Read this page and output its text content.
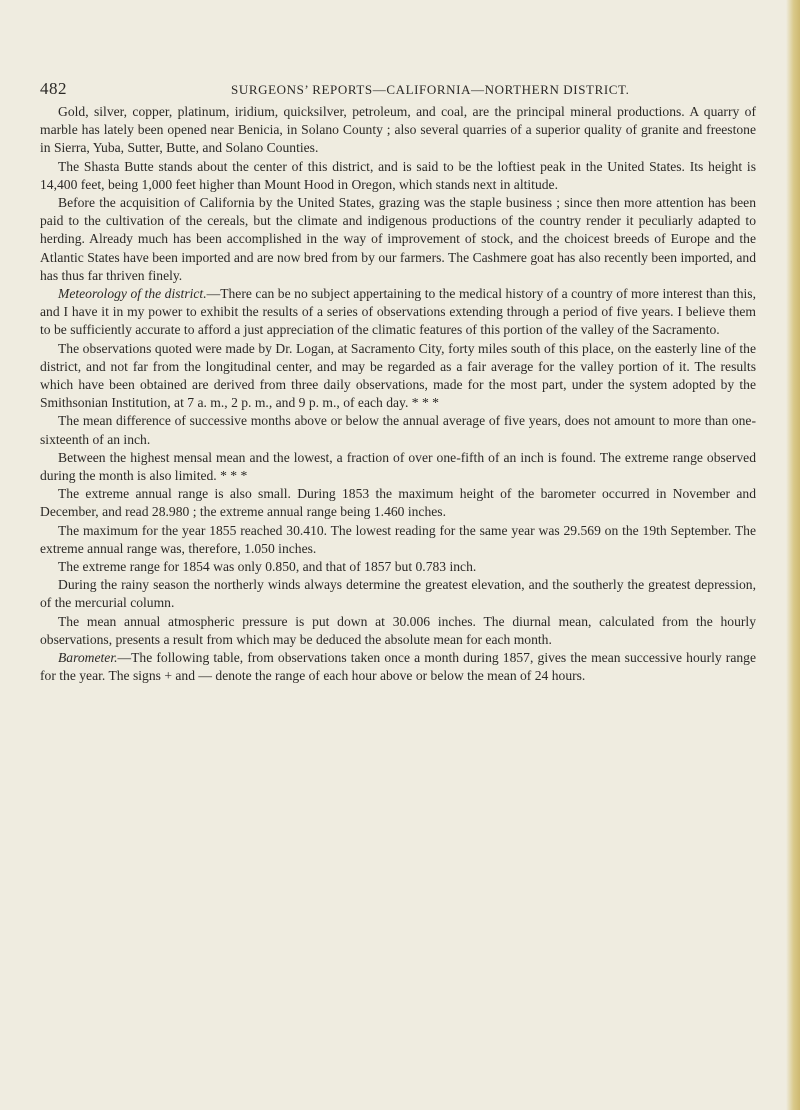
482	SURGEONS’ REPORTS—CALIFORNIA—NORTHERN DISTRICT.

Gold, silver, copper, platinum, iridium, quicksilver, petroleum, and coal, are the principal mineral productions. A quarry of marble has lately been opened near Benicia, in Solano County ; also several quarries of a superior quality of granite and freestone in Sierra, Yuba, Sutter, Butte, and Solano Counties.

The Shasta Butte stands about the center of this district, and is said to be the loftiest peak in the United States. Its height is 14,400 feet, being 1,000 feet higher than Mount Hood in Oregon, which stands next in altitude.

Before the acquisition of California by the United States, grazing was the staple business ; since then more attention has been paid to the cultivation of the cereals, but the climate and indigenous productions of the country render it peculiarly adapted to herding. Already much has been accomplished in the way of improvement of stock, and the choicest breeds of Europe and the Atlantic States have been imported and are now bred from by our farmers. The Cashmere goat has also recently been imported, and has thus far thriven finely.

Meteorology of the district.—There can be no subject appertaining to the medical history of a country of more interest than this, and I have it in my power to exhibit the results of a series of observations extending through a period of five years. I believe them to be sufficiently accurate to afford a just appreciation of the climatic features of this portion of the valley of the Sacramento.

The observations quoted were made by Dr. Logan, at Sacramento City, forty miles south of this place, on the easterly line of the district, and not far from the longitudinal center, and may be regarded as a fair average for the valley portion of it. The results which have been obtained are derived from three daily observations, made for the most part, under the system adopted by the Smithsonian Institution, at 7 a. m., 2 p. m., and 9 p. m., of each day. * * *

The mean difference of successive months above or below the annual average of five years, does not amount to more than one-sixteenth of an inch.

Between the highest mensal mean and the lowest, a fraction of over one-fifth of an inch is found. The extreme range observed during the month is also limited. * * *

The extreme annual range is also small. During 1853 the maximum height of the barometer occurred in November and December, and read 28.980 ; the extreme annual range being 1.460 inches.

The maximum for the year 1855 reached 30.410. The lowest reading for the same year was 29.569 on the 19th September. The extreme annual range was, therefore, 1.050 inches.

The extreme range for 1854 was only 0.850, and that of 1857 but 0.783 inch.

During the rainy season the northerly winds always determine the greatest elevation, and the southerly the greatest depression, of the mercurial column.

The mean annual atmospheric pressure is put down at 30.006 inches. The diurnal mean, calculated from the hourly observations, presents a result from which may be deduced the absolute mean for each month.

Barometer.—The following table, from observations taken once a month during 1857, gives the mean successive hourly range for the year. The signs + and — denote the range of each hour above or below the mean of 24 hours.
